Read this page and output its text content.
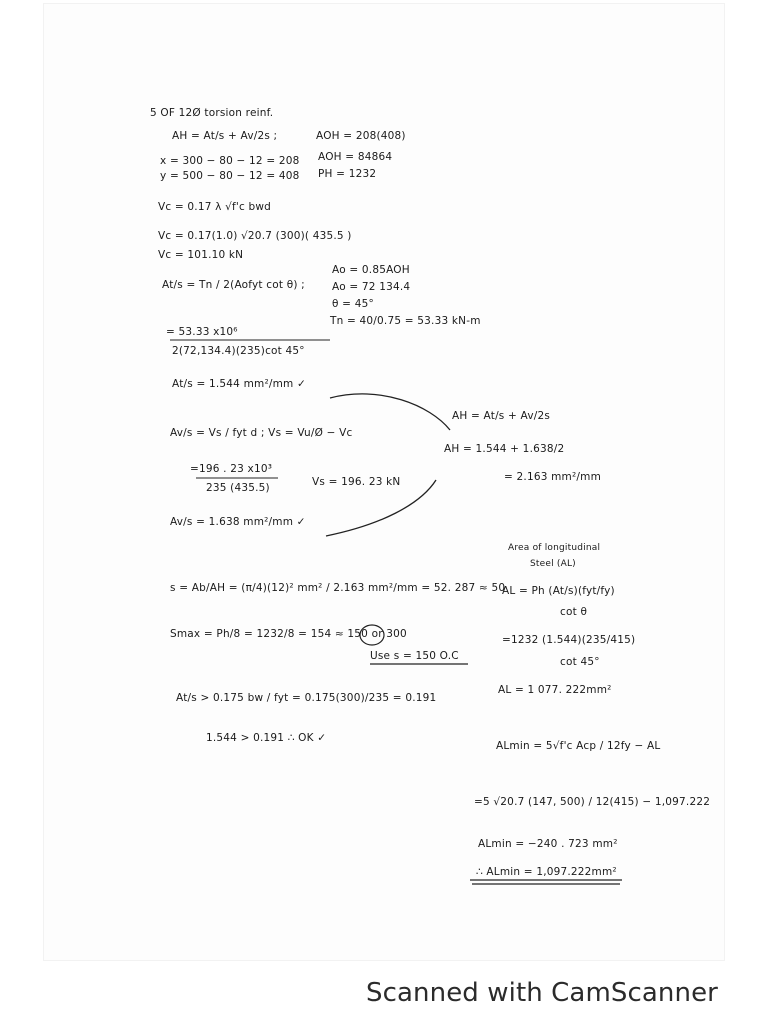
5 OF 12Ø torsion reinf.
AH = At/s + Av/2s ;	AOH = 208(408)
x = 300 − 80 − 12 = 208 AOH = 84864
y = 500 − 80 − 12 = 408 PH = 1232
Vc = 0.17 λ √f'c bwd
Vc = 0.17(1.0) √20.7 (300)( 435.5 )
Vc = 101.10 kN
At/s = Tn / 2(Aofyt cot θ) ;
Ao = 0.85AOH
Ao = 72 134.4
θ = 45°
Tn = 40/0.75 = 53.33 kN-m
= 53.33 x10⁶
2(72,134.4)(235)cot 45°
At/s = 1.544 mm²/mm ✓
Av/s = Vs / fyt d ; Vs = Vu/Ø − Vc
=196 . 23 x10³
235 (435.5)	Vs = 196. 23 kN
Av/s = 1.638 mm²/mm ✓
s = Ab/AH = (π/4)(12)² mm² / 2.163 mm²/mm = 52. 287 ≈ 50
Smax = Ph/8 = 1232/8 = 154 ≈ 150 or 300
Use s = 150 O.C
At/s > 0.175 bw / fyt = 0.175(300)/235 = 0.191
1.544 > 0.191 ∴ OK ✓
AH = At/s + Av/2s
AH = 1.544 + 1.638/2
= 2.163 mm²/mm
Area of longitudinal
Steel (AL)
AL = Ph (At/s)(fyt/fy)
cot θ
=1232 (1.544)(235/415)
cot 45°
AL = 1 077. 222mm²
ALmin = 5√f'c Acp / 12fy − AL
=5 √20.7 (147, 500) / 12(415) − 1,097.222
ALmin = −240 . 723 mm²
∴ ALmin = 1,097.222mm²
Scanned with CamScanner
